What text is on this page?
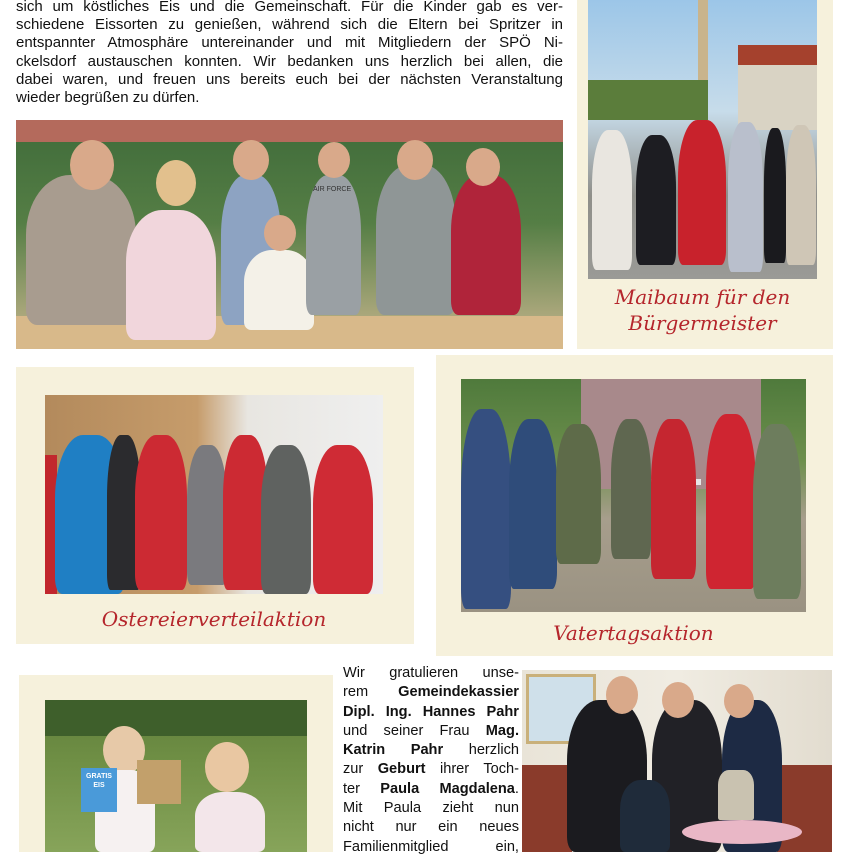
sich um köstliches Eis und die Gemeinschaft. Für die Kinder gab es ver-

schiedene Eissorten zu genießen, während sich die Eltern bei Spritzer in

entspannter Atmosphäre untereinander und mit Mitgliedern der SPÖ Ni-

ckelsdorf austauschen konnten. Wir bedanken uns herzlich bei allen, die

dabei waren, und freuen uns bereits euch bei der nächsten Veranstaltung

wieder begrüßen zu dürfen.

AIR FORCE
Maibaum für den
Bürgermeister
Ostereierverteilaktion
Vatertagsaktion
GRATIS EIS

Wir gratulieren unse-

rem Gemeindekassier

Dipl. Ing. Hannes Pahr

und seiner Frau Mag.

Katrin Pahr herzlich

zur Geburt ihrer Toch-

ter Paula Magdalena.

Mit Paula zieht nun

nicht nur ein neues

Familienmitglied ein,
